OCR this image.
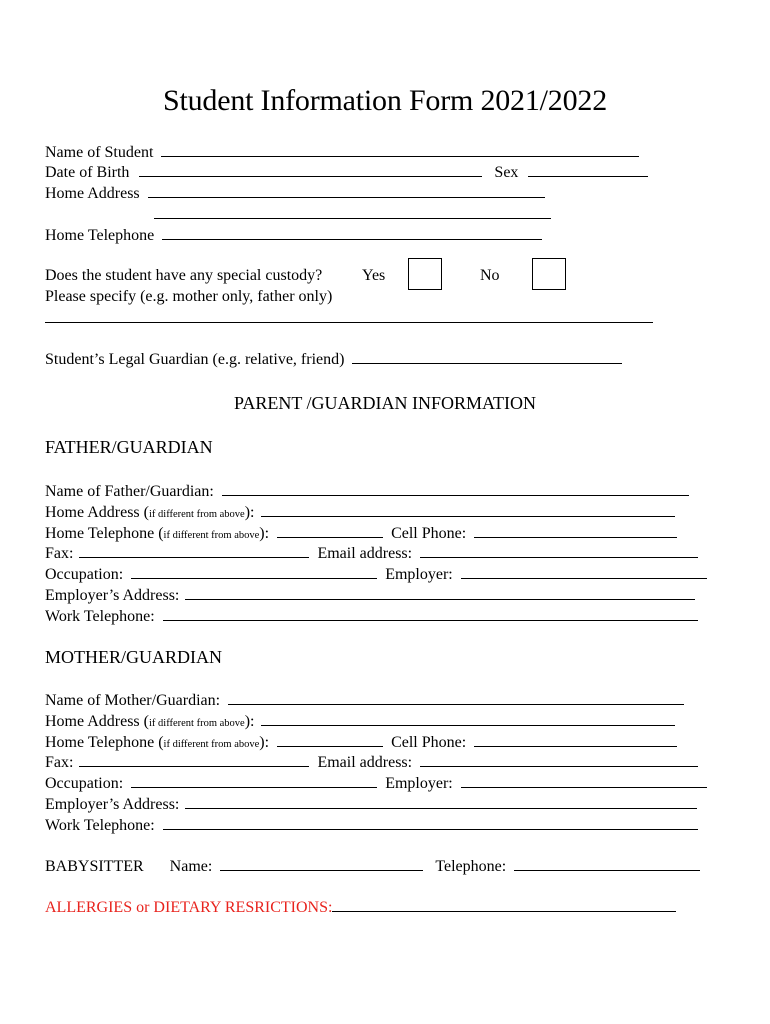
Student Information Form 2021/2022
Name of Student
Date of Birth	Sex
Home Address
Home Telephone
Does the student have any special custody? Yes	No
Please specify (e.g. mother only, father only)
Student’s Legal Guardian (e.g. relative, friend)
PARENT /GUARDIAN INFORMATION
FATHER/GUARDIAN
Name of Father/Guardian:
Home Address (if different from above):
Home Telephone (if different from above):	Cell Phone:
Fax:	Email address:
Occupation:	Employer:
Employer’s Address:
Work Telephone:
MOTHER/GUARDIAN
Name of Mother/Guardian:
Home Address (if different from above):
Home Telephone (if different from above):	Cell Phone:
Fax:	Email address:
Occupation:	Employer:
Employer’s Address:
Work Telephone:
BABYSITTER Name:	Telephone:
ALLERGIES or DIETARY RESRICTIONS:
